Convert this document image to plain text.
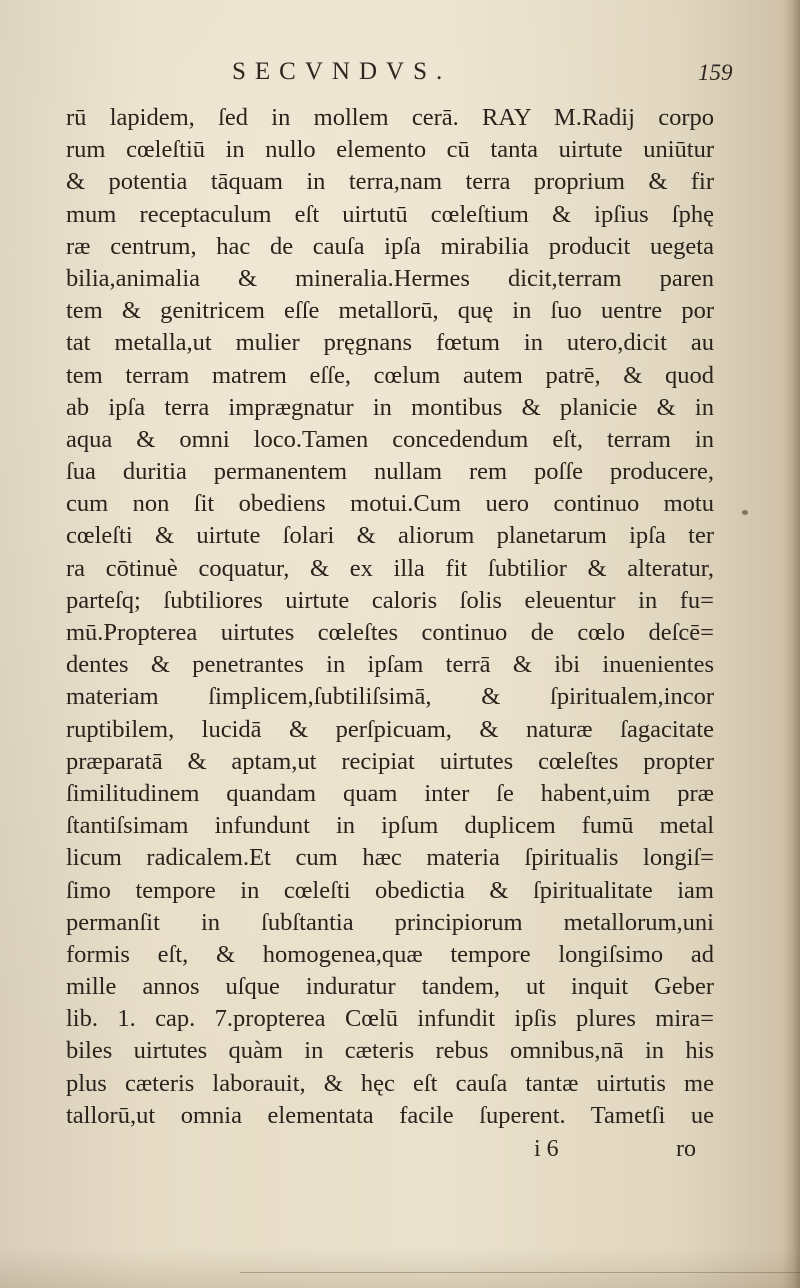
SECVNDVS.	159
rū lapidem, ſed in mollem cerā. RAY M.Radij corpo
rum cœleſtiū in nullo elemento cū tanta uirtute uniūtur
& potentia tāquam in terra,nam terra proprium & fir
mum receptaculum eſt uirtutū cœleſtium & ipſius ſphę
ræ centrum, hac de cauſa ipſa mirabilia producit uegeta
bilia,animalia & mineralia.Hermes dicit,terram paren
tem & genitricem eſſe metallorū, quę in ſuo uentre por
tat metalla,ut mulier pręgnans fœtum in utero,dicit au
tem terram matrem eſſe, cœlum autem patrē, & quod
ab ipſa terra imprægnatur in montibus & planicie & in
aqua & omni loco.Tamen concedendum eſt, terram in
ſua duritia permanentem nullam rem poſſe producere,
cum non ſit obediens motui.Cum uero continuo motu
cœleſti & uirtute ſolari & aliorum planetarum ipſa ter
ra cōtinuè coquatur, & ex illa fit ſubtilior & alteratur,
parteſq; ſubtiliores uirtute caloris ſolis eleuentur in fu=
mū.Propterea uirtutes cœleſtes continuo de cœlo deſcē=
dentes & penetrantes in ipſam terrā & ibi inuenientes
materiam ſimplicem,ſubtiliſsimā, & ſpiritualem,incor
ruptibilem, lucidā & perſpicuam, & naturæ ſagacitate
præparatā & aptam,ut recipiat uirtutes cœleſtes propter
ſimilitudinem quandam quam inter ſe habent,uim præ
ſtantiſsimam infundunt in ipſum duplicem fumū metal
licum radicalem.Et cum hæc materia ſpiritualis longiſ=
ſimo tempore in cœleſti obedictia & ſpiritualitate iam
permanſit in ſubſtantia principiorum metallorum,uni
formis eſt, & homogenea,quæ tempore longiſsimo ad
mille annos uſque induratur tandem, ut inquit Geber
lib. 1. cap. 7.propterea Cœlū infundit ipſis plures mira=
biles uirtutes quàm in cæteris rebus omnibus,nā in his
plus cæteris laborauit, & hęc eſt cauſa tantæ uirtutis me
tallorū,ut omnia elementata facile ſuperent. Tametſi ue
i 6	ro
